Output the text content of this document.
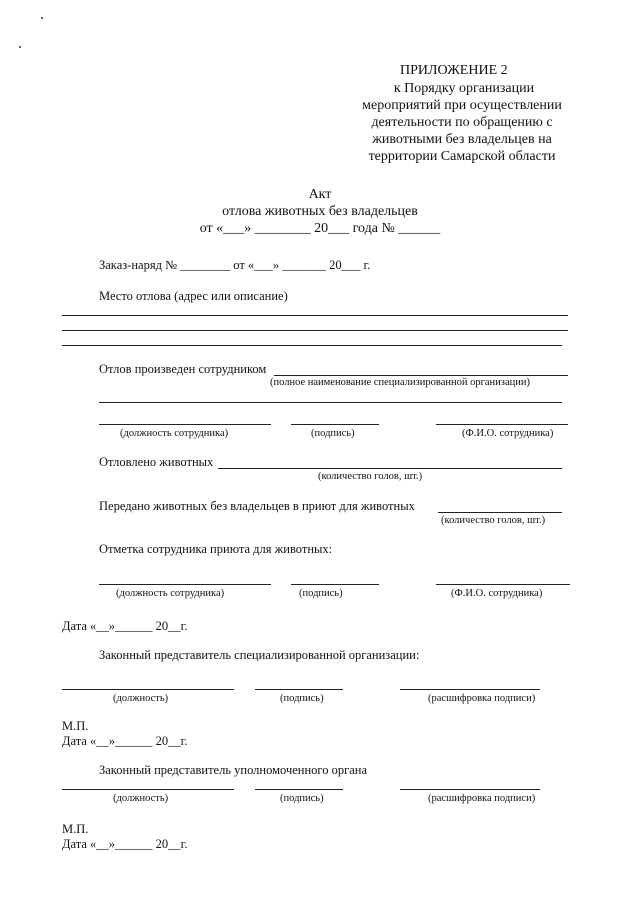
ПРИЛОЖЕНИЕ 2
к Порядку организации
мероприятий при осуществлении
деятельности по обращению с
животными без владельцев на
территории Самарской области
Акт
отлова животных без владельцев
от «___» ________ 20___ года № ______
Заказ-наряд № ________ от «___» _______ 20___ г.
Место отлова (адрес или описание)
Отлов произведен сотрудником
(полное наименование специализированной организации)
(должность сотрудника)	(подпись)	(Ф.И.О. сотрудника)
Отловлено животных
(количество голов, шт.)
Передано животных без владельцев в приют для животных
(количество голов, шт.)
Отметка сотрудника приюта для животных:
(должность сотрудника)	(подпись)	(Ф.И.О. сотрудника)
Дата «__»______ 20__г.
Законный представитель специализированной организации:
(должность)	(подпись)	(расшифровка подписи)
М.П.
Дата «__»______ 20__г.
Законный представитель уполномоченного органа
(должность)	(подпись)	(расшифровка подписи)
М.П.
Дата «__»______ 20__г.
